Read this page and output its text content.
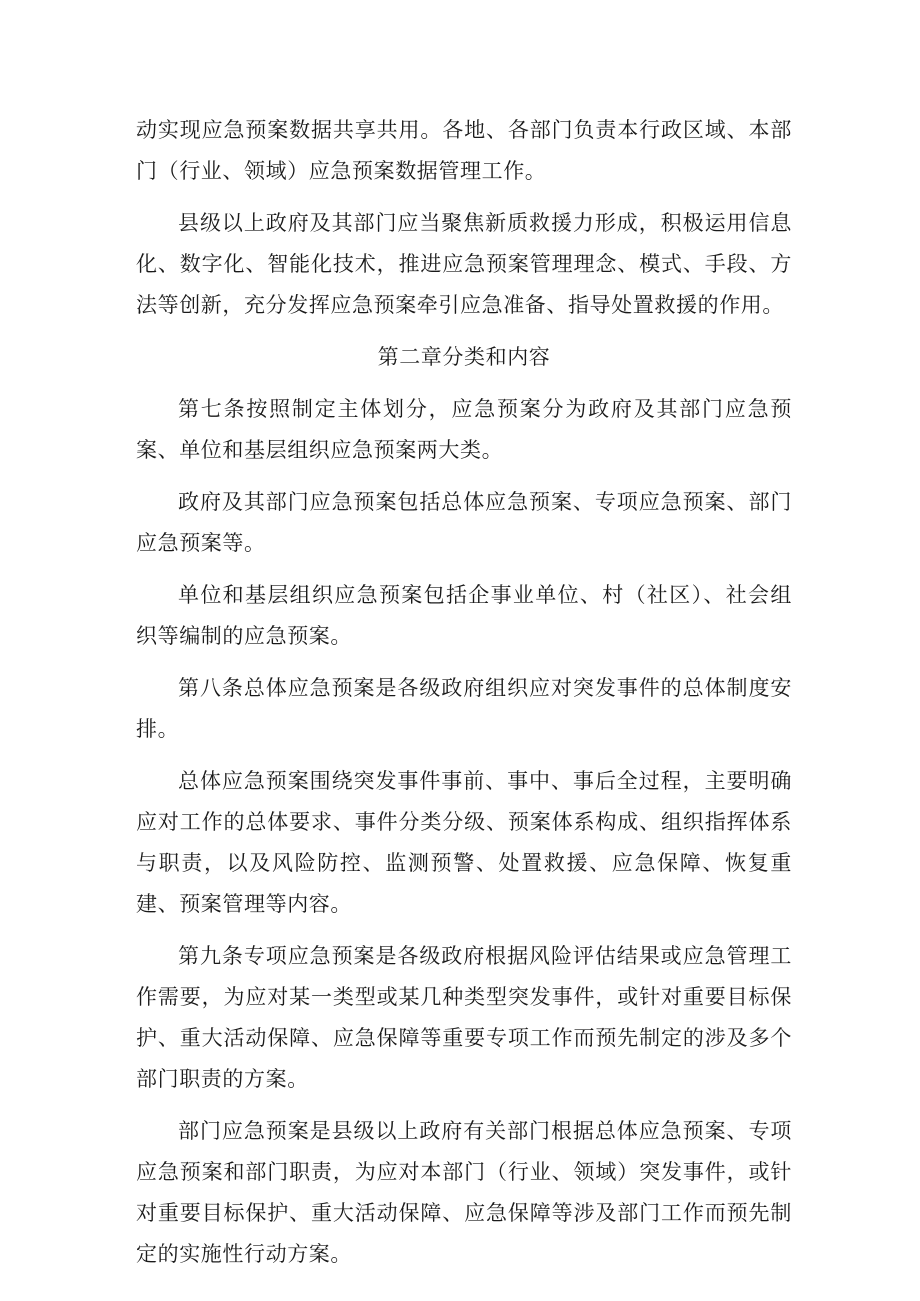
动实现应急预案数据共享共用。各地、各部门负责本行政区域、本部门（行业、领域）应急预案数据管理工作。

县级以上政府及其部门应当聚焦新质救援力形成，积极运用信息化、数字化、智能化技术，推进应急预案管理理念、模式、手段、方法等创新，充分发挥应急预案牵引应急准备、指导处置救援的作用。

第二章分类和内容

第七条按照制定主体划分，应急预案分为政府及其部门应急预案、单位和基层组织应急预案两大类。

政府及其部门应急预案包括总体应急预案、专项应急预案、部门应急预案等。

单位和基层组织应急预案包括企事业单位、村（社区）、社会组织等编制的应急预案。

第八条总体应急预案是各级政府组织应对突发事件的总体制度安排。

总体应急预案围绕突发事件事前、事中、事后全过程，主要明确应对工作的总体要求、事件分类分级、预案体系构成、组织指挥体系与职责，以及风险防控、监测预警、处置救援、应急保障、恢复重建、预案管理等内容。

第九条专项应急预案是各级政府根据风险评估结果或应急管理工作需要，为应对某一类型或某几种类型突发事件，或针对重要目标保护、重大活动保障、应急保障等重要专项工作而预先制定的涉及多个部门职责的方案。

部门应急预案是县级以上政府有关部门根据总体应急预案、专项应急预案和部门职责，为应对本部门（行业、领域）突发事件，或针对重要目标保护、重大活动保障、应急保障等涉及部门工作而预先制定的实施性行动方案。
